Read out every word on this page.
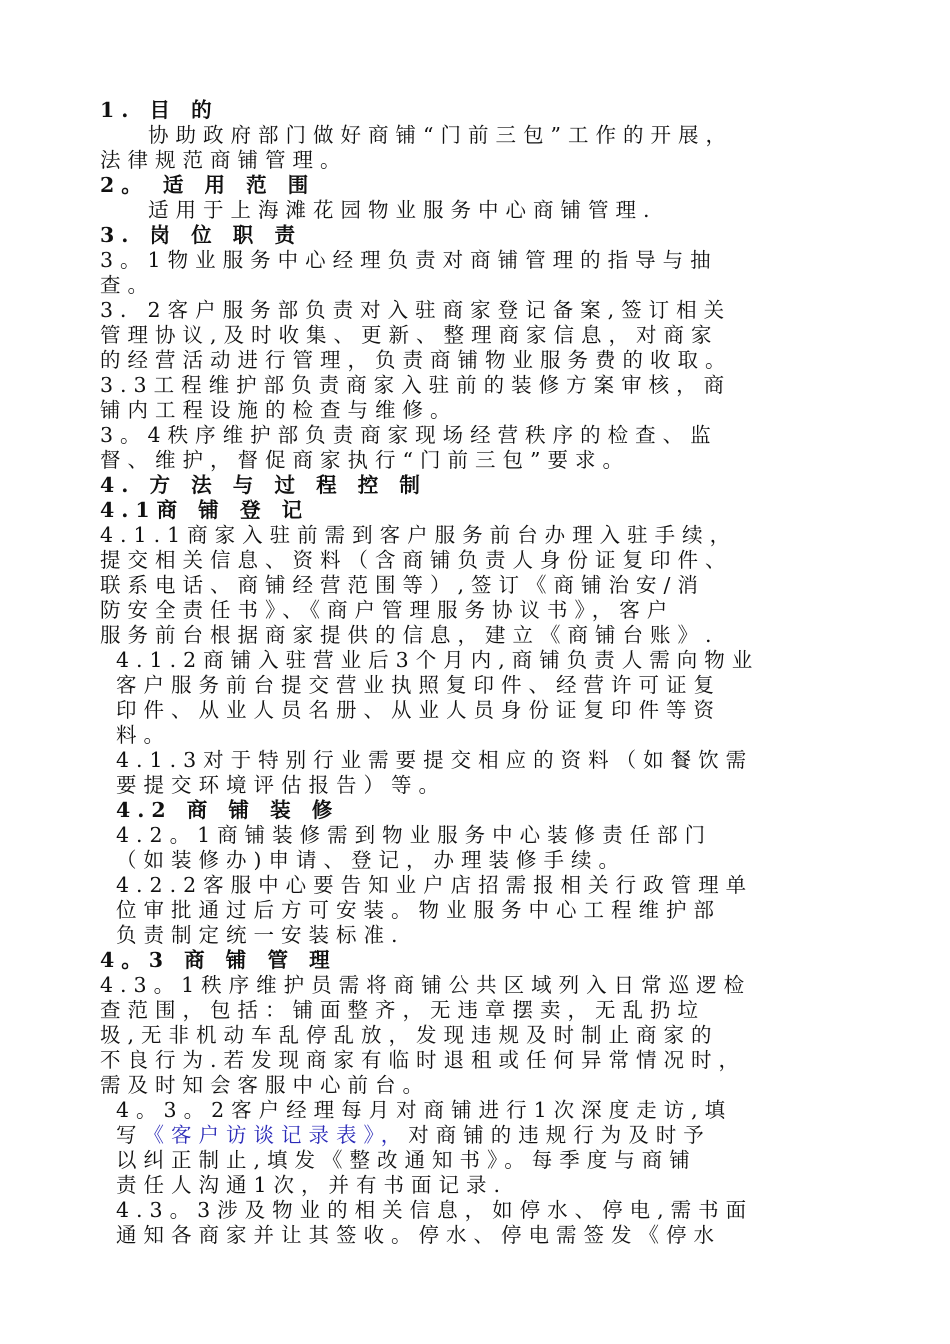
1. 目 的
协助政府部门做好商铺“门前三包”工作的开展，
法律规范商铺管理。
2。 适 用 范 围
适用于上海滩花园物业服务中心商铺管理.
3. 岗 位 职 责
3。1物业服务中心经理负责对商铺管理的指导与抽
查。
3．2客户服务部负责对入驻商家登记备案,签订相关
管理协议,及时收集、更新、整理商家信息，对商家
的经营活动进行管理，负责商铺物业服务费的收取。
3.3工程维护部负责商家入驻前的装修方案审核，商
铺内工程设施的检查与维修。
3。4秩序维护部负责商家现场经营秩序的检查、监
督、维护，督促商家执行“门前三包”要求。
4. 方 法 与 过 程 控 制
4.1商 铺 登 记
4.1.1商家入驻前需到客户服务前台办理入驻手续，
提交相关信息、资料（含商铺负责人身份证复印件、
联系电话、商铺经营范围等）,签订《商铺治安/消
防安全责任书》、《商户管理服务协议书》，客户
服务前台根据商家提供的信息，建立《商铺台账》.
4.1.2商铺入驻营业后3个月内,商铺负责人需向物业
客户服务前台提交营业执照复印件、经营许可证复
印件、从业人员名册、从业人员身份证复印件等资
料。
4.1.3对于特别行业需要提交相应的资料（如餐饮需
要提交环境评估报告）等。
4.2 商 铺 装 修
4.2。1商铺装修需到物业服务中心装修责任部门
（如装修办)申请、登记，办理装修手续。
4.2.2客服中心要告知业户店招需报相关行政管理单
位审批通过后方可安装。物业服务中心工程维护部
负责制定统一安装标准.
4。3 商 铺 管 理
4.3。1秩序维护员需将商铺公共区域列入日常巡逻检
查范围，包括：铺面整齐，无违章摆卖，无乱扔垃
圾,无非机动车乱停乱放，发现违规及时制止商家的
不良行为.若发现商家有临时退租或任何异常情况时，
需及时知会客服中心前台。
4。3。2客户经理每月对商铺进行1次深度走访,填
写《客户访谈记录表》，对商铺的违规行为及时予
以纠正制止,填发《整改通知书》。每季度与商铺
责任人沟通1次，并有书面记录.
4.3。3涉及物业的相关信息，如停水、停电,需书面
通知各商家并让其签收。停水、停电需签发《停水
